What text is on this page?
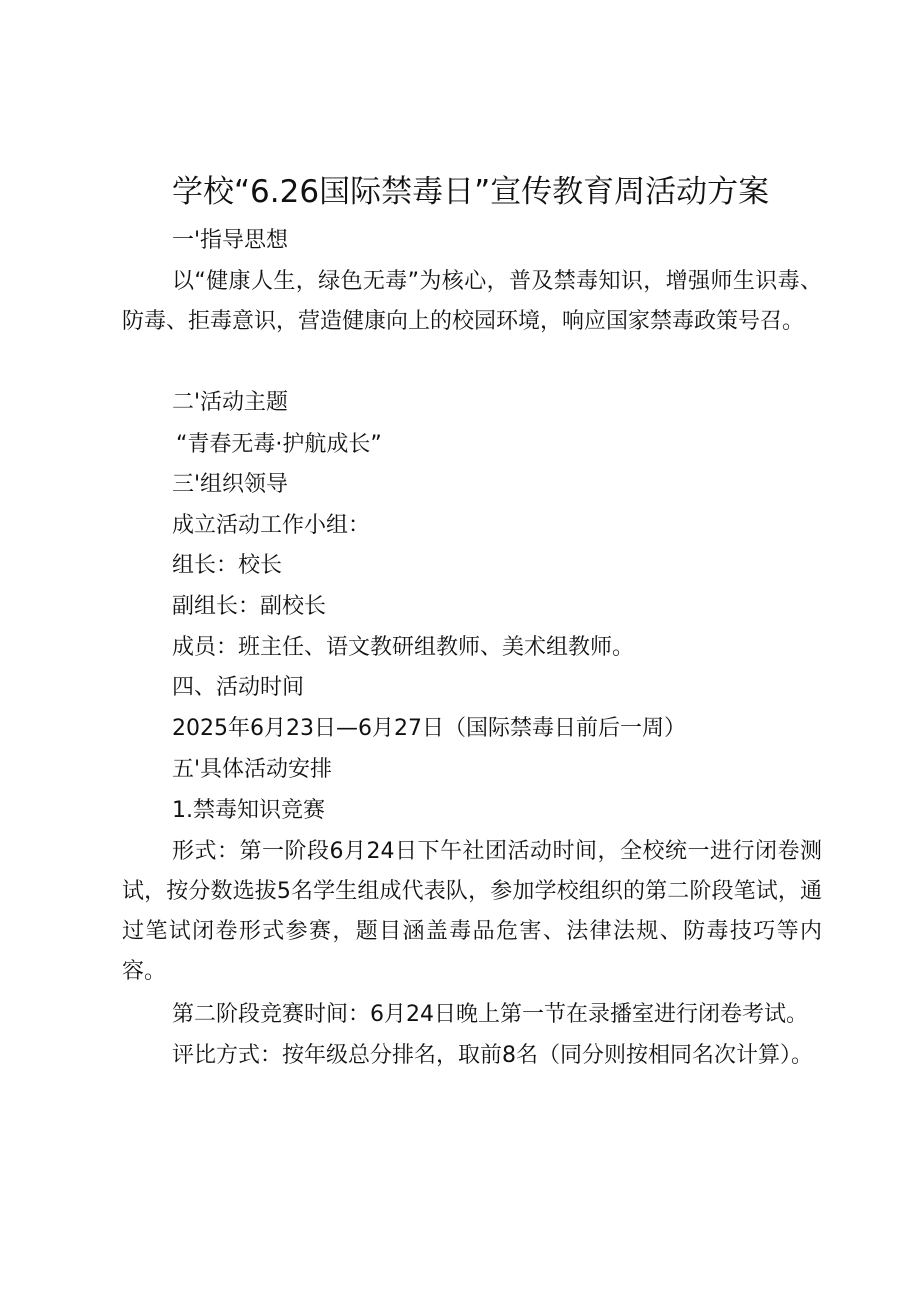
学校“6.26国际禁毒日”宣传教育周活动方案
一'指导思想
以“健康人生，绿色无毒”为核心，普及禁毒知识，增强师生识毒、防毒、拒毒意识，营造健康向上的校园环境，响应国家禁毒政策号召。
二'活动主题
“青春无毒·护航成长”
三'组织领导
成立活动工作小组：
组长：校长
副组长：副校长
成员：班主任、语文教研组教师、美术组教师。
四、活动时间
2025年6月23日—6月27日（国际禁毒日前后一周）
五'具体活动安排
1.禁毒知识竞赛
形式：第一阶段6月24日下午社团活动时间，全校统一进行闭卷测试，按分数选拔5名学生组成代表队，参加学校组织的第二阶段笔试，通过笔试闭卷形式参赛，题目涵盖毒品危害、法律法规、防毒技巧等内容。
第二阶段竞赛时间：6月24日晚上第一节在录播室进行闭卷考试。
评比方式：按年级总分排名，取前8名（同分则按相同名次计算）。
